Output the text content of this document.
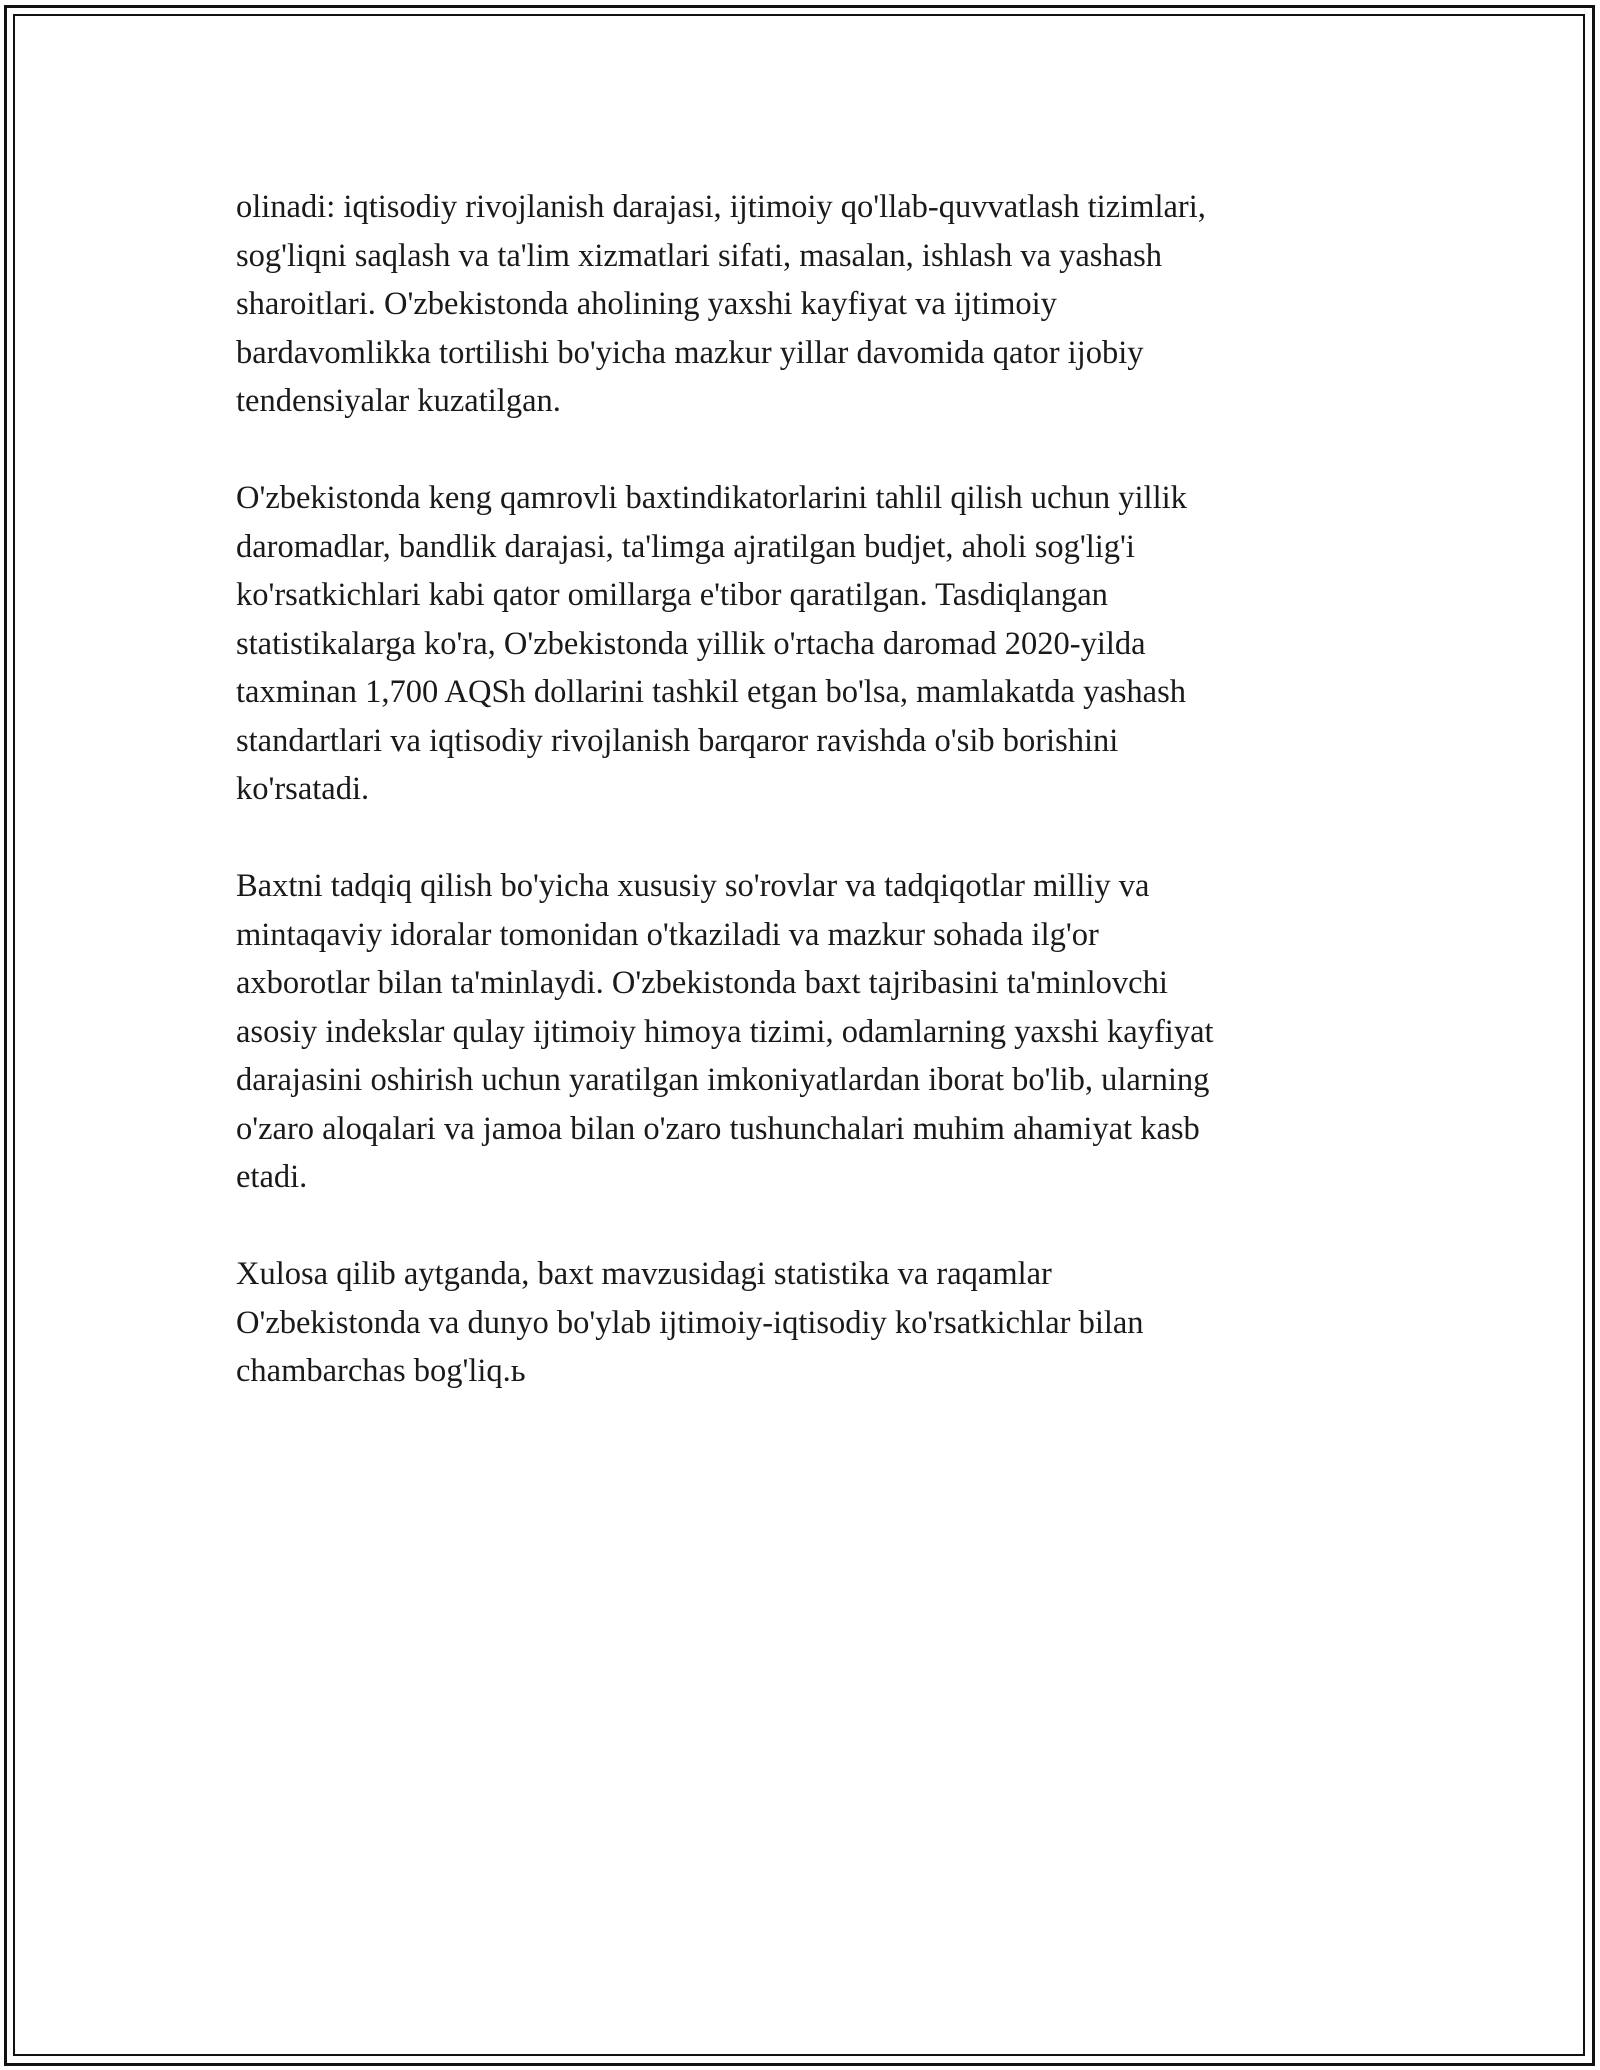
olinadi: iqtisodiy rivojlanish darajasi, ijtimoiy qo'llab-quvvatlash tizimlari,
sog'liqni saqlash va ta'lim xizmatlari sifati, masalan, ishlash va yashash
sharoitlari. O'zbekistonda aholining yaxshi kayfiyat va ijtimoiy
bardavomlikka tortilishi bo'yicha mazkur yillar davomida qator ijobiy
tendensiyalar kuzatilgan.

O'zbekistonda keng qamrovli baxtindikatorlarini tahlil qilish uchun yillik
daromadlar, bandlik darajasi, ta'limga ajratilgan budjet, aholi sog'lig'i
ko'rsatkichlari kabi qator omillarga e'tibor qaratilgan. Tasdiqlangan
statistikalarga ko'ra, O'zbekistonda yillik o'rtacha daromad 2020-yilda
taxminan 1,700 AQSh dollarini tashkil etgan bo'lsa, mamlakatda yashash
standartlari va iqtisodiy rivojlanish barqaror ravishda o'sib borishini
ko'rsatadi.

Baxtni tadqiq qilish bo'yicha xususiy so'rovlar va tadqiqotlar milliy va
mintaqaviy idoralar tomonidan o'tkaziladi va mazkur sohada ilg'or
axborotlar bilan ta'minlaydi. O'zbekistonda baxt tajribasini ta'minlovchi
asosiy indekslar qulay ijtimoiy himoya tizimi, odamlarning yaxshi kayfiyat
darajasini oshirish uchun yaratilgan imkoniyatlardan iborat bo'lib, ularning
o'zaro aloqalari va jamoa bilan o'zaro tushunchalari muhim ahamiyat kasb
etadi.

Xulosa qilib aytganda, baxt mavzusidagi statistika va raqamlar
O'zbekistonda va dunyo bo'ylab ijtimoiy-iqtisodiy ko'rsatkichlar bilan
chambarchas bog'liq.ь
